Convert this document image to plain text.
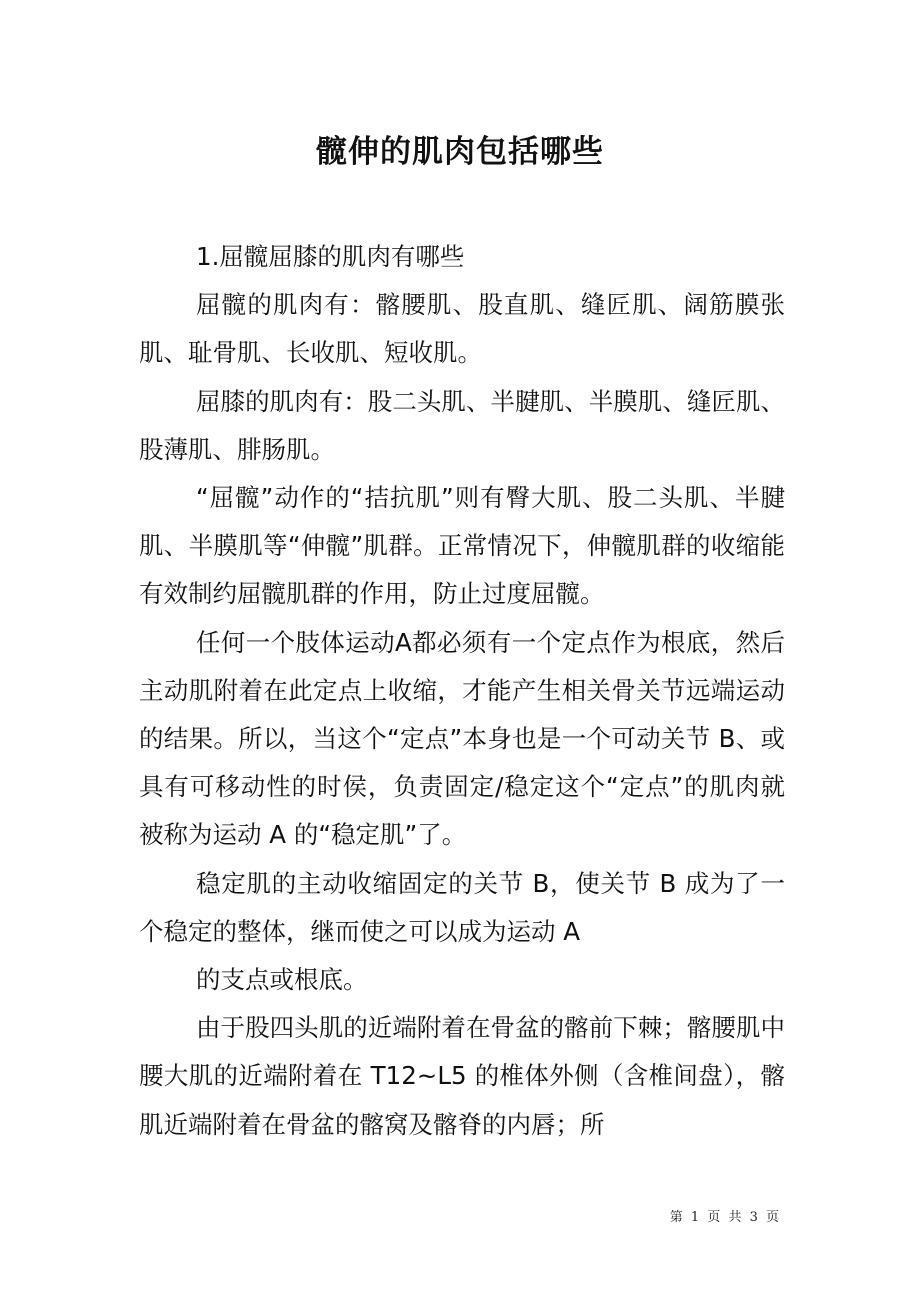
髋伸的肌肉包括哪些

1.屈髋屈膝的肌肉有哪些

屈髋的肌肉有：髂腰肌、股直肌、缝匠肌、阔筋膜张肌、耻骨肌、长收肌、短收肌。

屈膝的肌肉有：股二头肌、半腱肌、半膜肌、缝匠肌、股薄肌、腓肠肌。

“屈髋”动作的“拮抗肌”则有臀大肌、股二头肌、半腱肌、半膜肌等“伸髋”肌群。正常情况下，伸髋肌群的收缩能有效制约屈髋肌群的作用，防止过度屈髋。

任何一个肢体运动A都必须有一个定点作为根底，然后主动肌附着在此定点上收缩，才能产生相关骨关节远端运动的结果。所以，当这个“定点”本身也是一个可动关节 B、或具有可移动性的时侯，负责固定/稳定这个“定点”的肌肉就被称为运动 A 的“稳定肌”了。

稳定肌的主动收缩固定的关节 B，使关节 B 成为了一个稳定的整体，继而使之可以成为运动 A

的支点或根底。

由于股四头肌的近端附着在骨盆的髂前下棘；髂腰肌中腰大肌的近端附着在 T12~L5 的椎体外侧（含椎间盘），髂肌近端附着在骨盆的髂窝及髂脊的内唇；所

第 1 页 共 3 页
